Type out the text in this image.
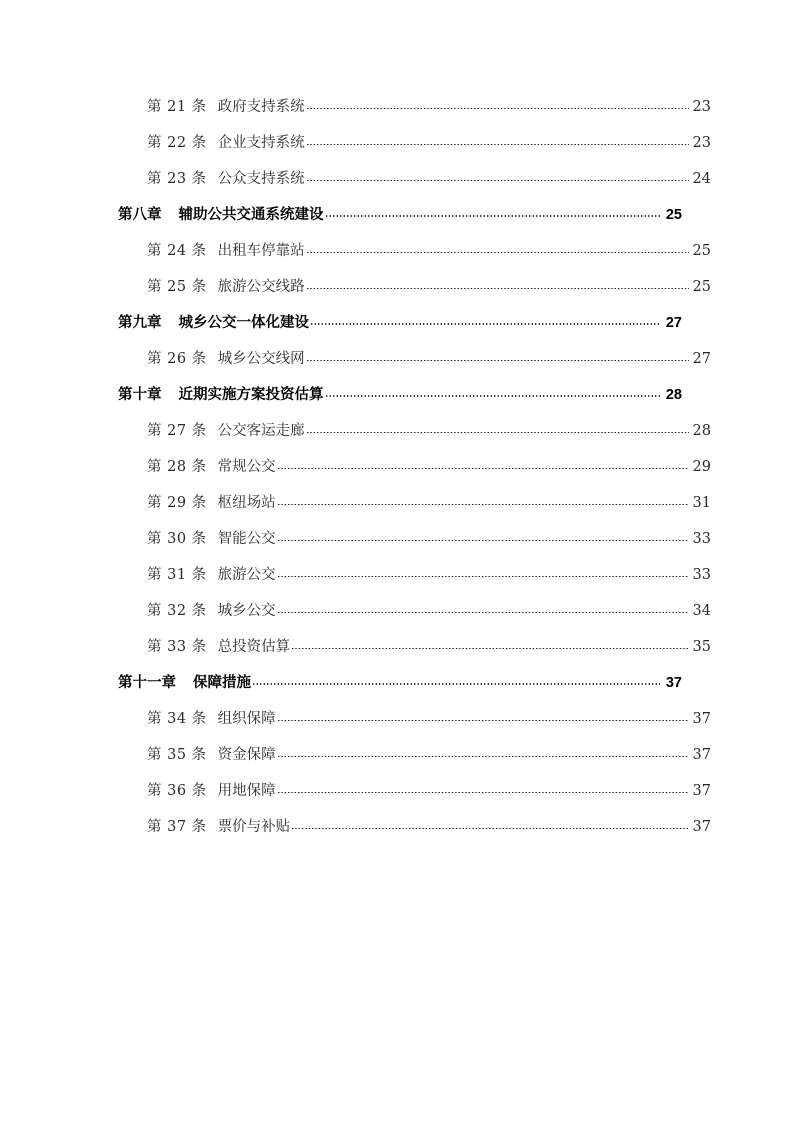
第 21 条 政府支持系统	23
第 22 条 企业支持系统	23
第 23 条 公众支持系统	24
第八章	辅助公共交通系统建设	25
第 24 条 出租车停靠站	25
第 25 条 旅游公交线路	25
第九章	城乡公交一体化建设	27
第 26 条 城乡公交线网	27
第十章	近期实施方案投资估算	28
第 27 条 公交客运走廊	28
第 28 条 常规公交	29
第 29 条 枢纽场站	31
第 30 条 智能公交	33
第 31 条 旅游公交	33
第 32 条 城乡公交	34
第 33 条 总投资估算	35
第十一章	保障措施	37
第 34 条 组织保障	37
第 35 条 资金保障	37
第 36 条 用地保障	37
第 37 条 票价与补贴	37
